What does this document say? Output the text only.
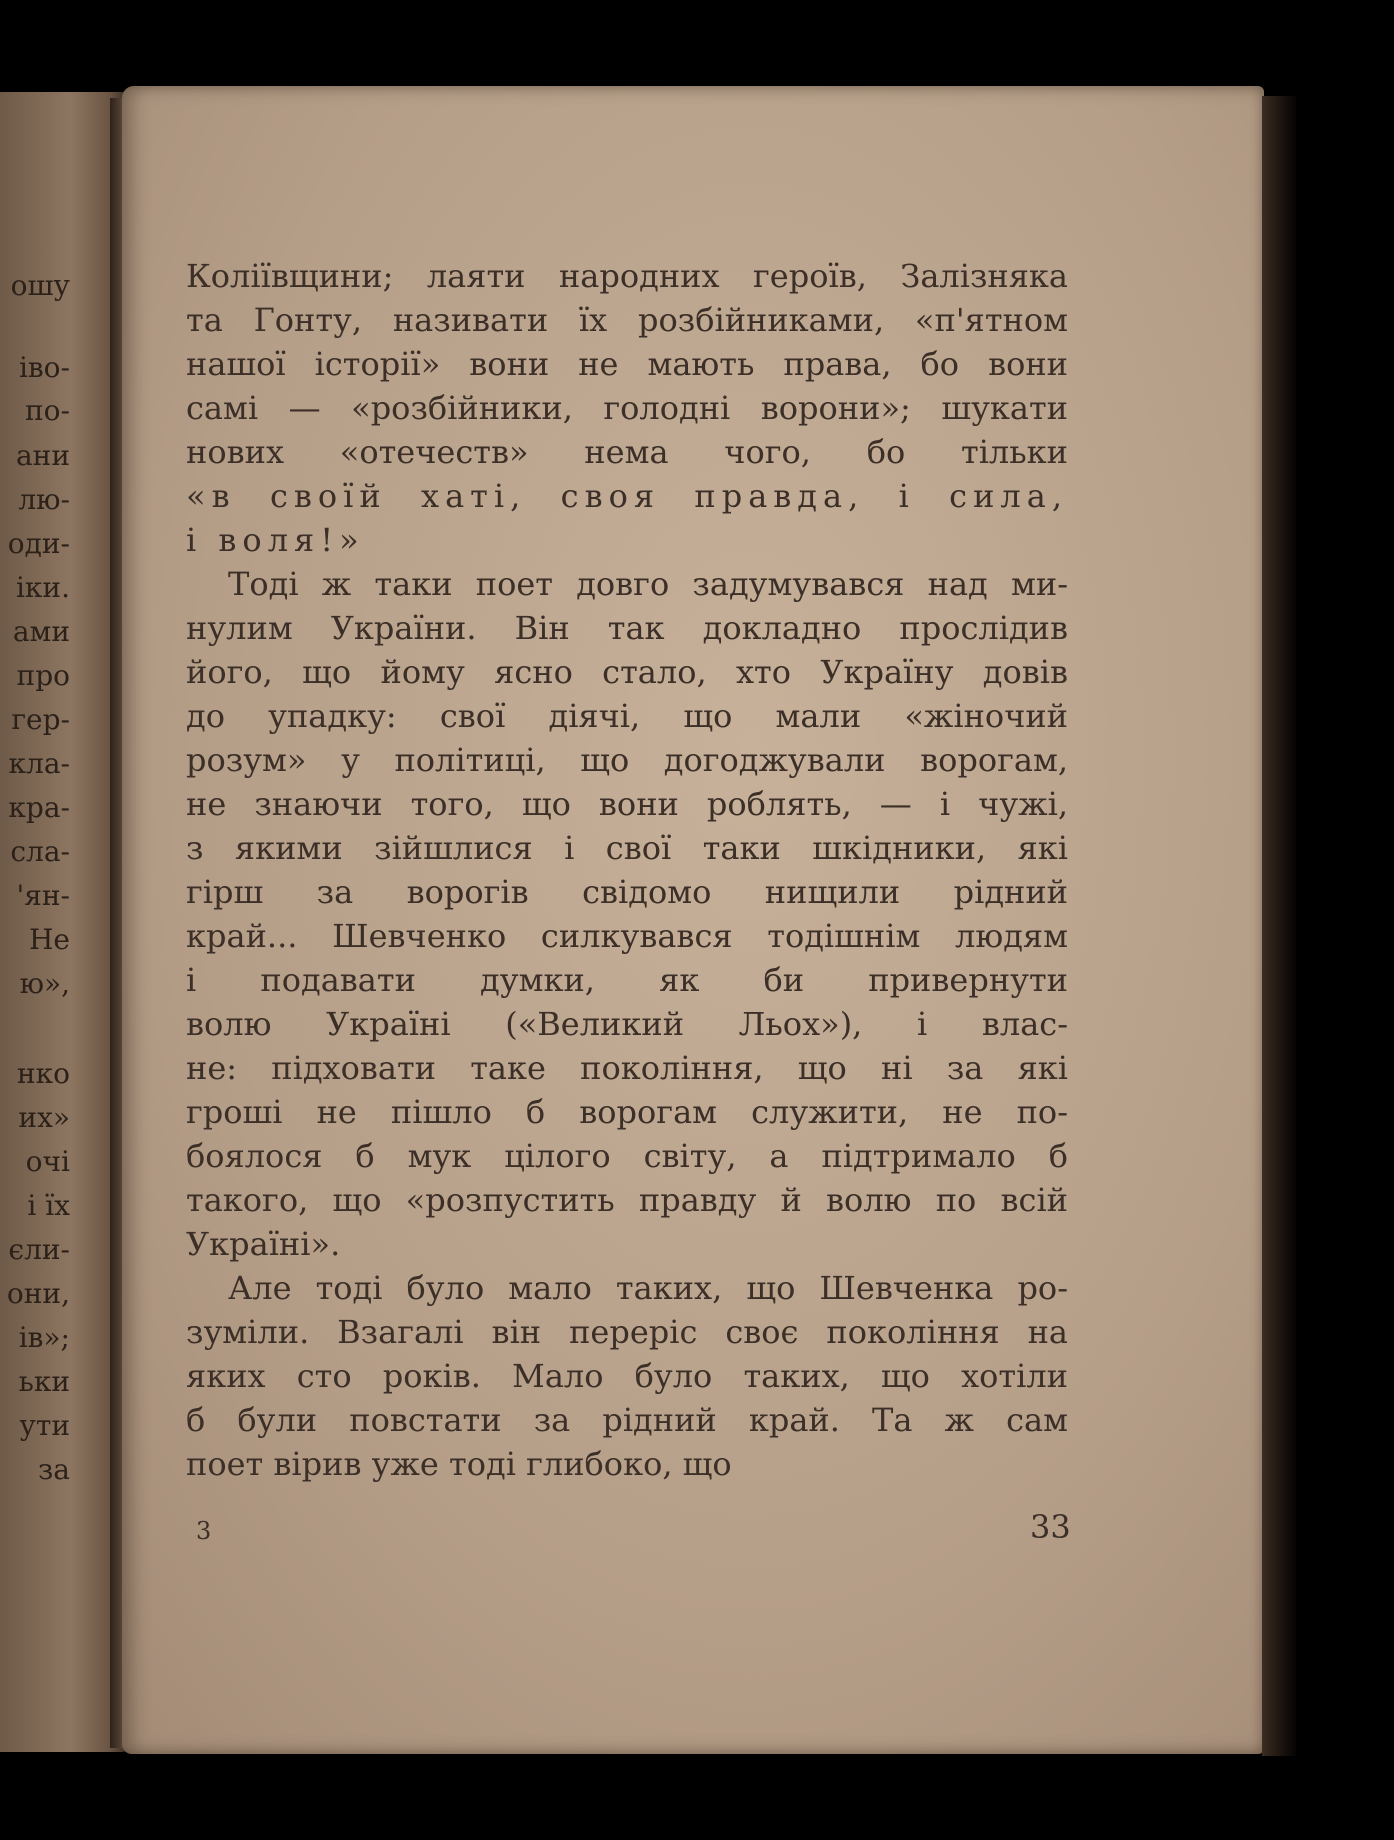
ошу
іво-
по-
ани
лю-
оди-
іки.
ами
про
гер-
кла-
кра-
сла-
'ян-
Не
ю»,
нко
их»
очі
і їх
єли-
они,
ів»;
ьки
ути
за
Коліївщини; лаяти народних героїв, Залізняка
та Гонту, називати їх розбійниками, «п'ятном
нашої історії» вони не мають права, бо вони
самі — «розбійники, голодні ворони»; шукати
нових «отечеств» нема чого, бо тільки
«в своїй хаті, своя правда, і сила,
і воля!»
Тоді ж таки поет довго задумувався над ми-
нулим України. Він так докладно прослідив
його, що йому ясно стало, хто Україну довів
до упадку: свої діячі, що мали «жіночий
розум» у політиці, що догоджували ворогам,
не знаючи того, що вони роблять, — і чужі,
з якими зійшлися і свої таки шкідники, які
гірш за ворогів свідомо нищили рідний
край... Шевченко силкувався тодішнім людям
і подавати думки, як би привернути
волю Україні («Великий Льох»), і влас-
не: підховати таке покоління, що ні за які
гроші не пішло б ворогам служити, не по-
боялося б мук цілого світу, а підтримало б
такого, що «розпустить правду й волю по всій
Україні».
Але тоді було мало таких, що Шевченка ро-
зуміли. Взагалі він переріс своє покоління на
яких сто років. Мало було таких, що хотіли
б були повстати за рідний край. Та ж сам
поет вірив уже тоді глибоко, що
3	33
